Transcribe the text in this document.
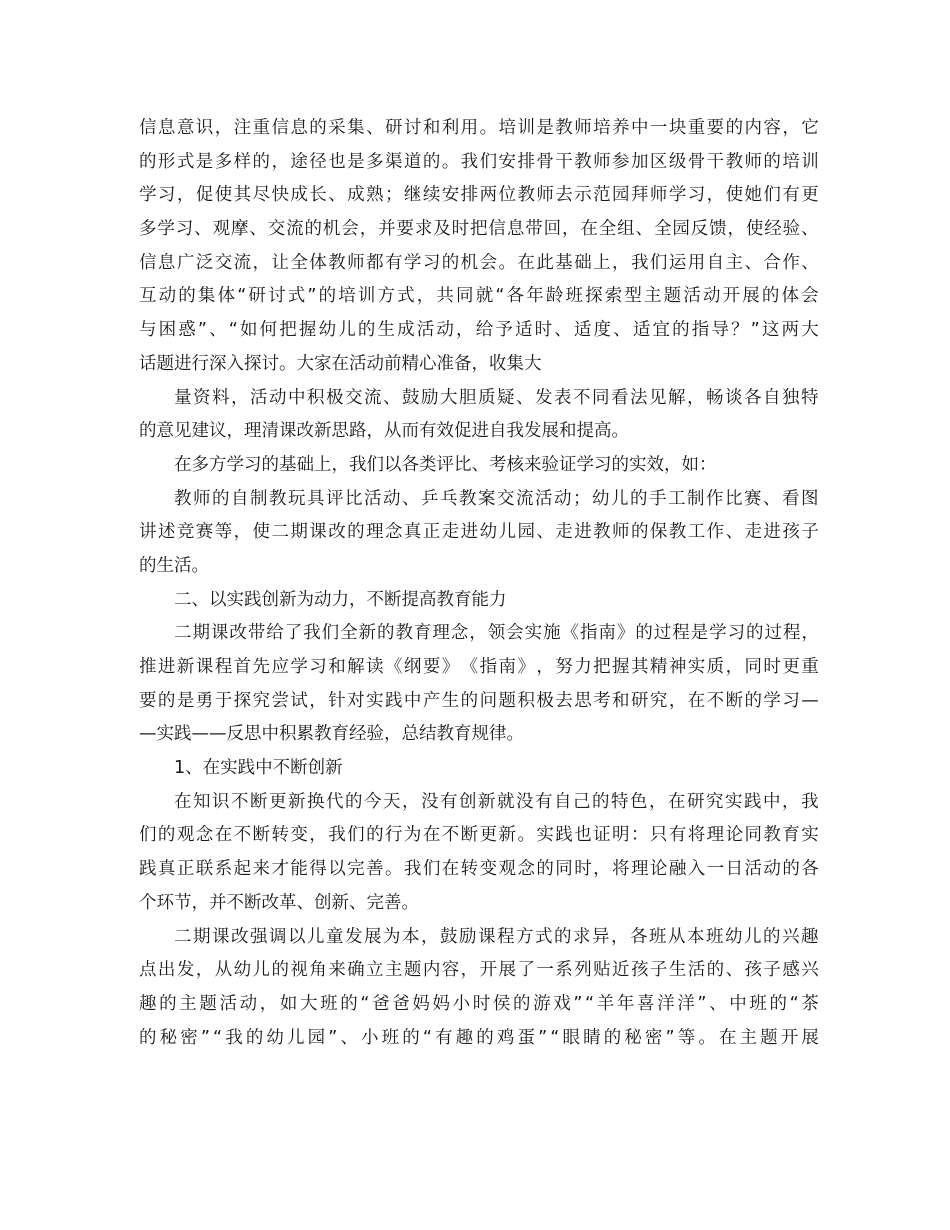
信 息 意 识 ， 注 重 信 息 的 采 集 、 研 讨 和 利 用 。 培 训 是 教 师 培 养 中 一 块 重 要 的 内 容 ， 它
的 形 式 是 多 样 的 ， 途 径 也 是 多 渠 道 的 。 我 们 安 排 骨 干 教 师 参 加 区 级 骨 干 教 师 的 培 训
学 习 ， 促 使 其 尽 快 成 长 、 成 熟 ； 继 续 安 排 两 位 教 师 去 示 范 园 拜 师 学 习 ， 使 她 们 有 更
多 学 习 、 观 摩 、 交 流 的 机 会 ， 并 要 求 及 时 把 信 息 带 回 ， 在 全 组 、 全 园 反 馈 ， 使 经 验 、
信 息 广 泛 交 流 ， 让 全 体 教 师 都 有 学 习 的 机 会 。 在 此 基 础 上 ， 我 们 运 用 自 主 、 合 作 、
互 动 的 集 体 “ 研 讨 式 ” 的 培 训 方 式 ， 共 同 就 “ 各 年 龄 班 探 索 型 主 题 活 动 开 展 的 体 会
与 困 惑 ” 、 “ 如 何 把 握 幼 儿 的 生 成 活 动 ， 给 予 适 时 、 适 度 、 适 宜 的 指 导 ？ ” 这 两 大
话题进行深入探讨。大家在活动前精心准备，收集大
量 资 料 ， 活 动 中 积 极 交 流 、 鼓 励 大 胆 质 疑 、 发 表 不 同 看 法 见 解 ， 畅 谈 各 自 独 特
的意见建议，理清课改新思路，从而有效促进自我发展和提高。
在多方学习的基础上，我们以各类评比、考核来验证学习的实效，如：
教 师 的 自 制 教 玩 具 评 比 活 动 、 乒 乓 教 案 交 流 活 动 ； 幼 儿 的 手 工 制 作 比 赛 、 看 图
讲 述 竞 赛 等 ， 使 二 期 课 改 的 理 念 真 正 走 进 幼 儿 园 、 走 进 教 师 的 保 教 工 作 、 走 进 孩 子
的生活。
二、以实践创新为动力，不断提高教育能力
二 期 课 改 带 给 了 我 们 全 新 的 教 育 理 念 ， 领 会 实 施 《 指 南 》 的 过 程 是 学 习 的 过 程 ，
推 进 新 课 程 首 先 应 学 习 和 解 读 《 纲 要 》 《 指 南 》 ， 努 力 把 握 其 精 神 实 质 ， 同 时 更 重
要 的 是 勇 于 探 究 尝 试 ， 针 对 实 践 中 产 生 的 问 题 积 极 去 思 考 和 研 究 ， 在 不 断 的 学 习 —
—实践——反思中积累教育经验，总结教育规律。
1、在实践中不断创新
在 知 识 不 断 更 新 换 代 的 今 天 ， 没 有 创 新 就 没 有 自 己 的 特 色 ， 在 研 究 实 践 中 ， 我
们 的 观 念 在 不 断 转 变 ， 我 们 的 行 为 在 不 断 更 新 。 实 践 也 证 明 ： 只 有 将 理 论 同 教 育 实
践 真 正 联 系 起 来 才 能 得 以 完 善 。 我 们 在 转 变 观 念 的 同 时 ， 将 理 论 融 入 一 日 活 动 的 各
个环节，并不断改革、创新、完善。
二 期 课 改 强 调 以 儿 童 发 展 为 本 ， 鼓 励 课 程 方 式 的 求 异 ， 各 班 从 本 班 幼 儿 的 兴 趣
点 出 发 ， 从 幼 儿 的 视 角 来 确 立 主 题 内 容 ， 开 展 了 一 系 列 贴 近 孩 子 生 活 的 、 孩 子 感 兴
趣 的 主 题 活 动 ， 如 大 班 的 “ 爸 爸 妈 妈 小 时 侯 的 游 戏 ” “ 羊 年 喜 洋 洋 ” 、 中 班 的 “ 茶
的 秘 密 ” “ 我 的 幼 儿 园 ” 、 小 班 的 “ 有 趣 的 鸡 蛋 ” “ 眼 睛 的 秘 密 ” 等 。 在 主 题 开 展
